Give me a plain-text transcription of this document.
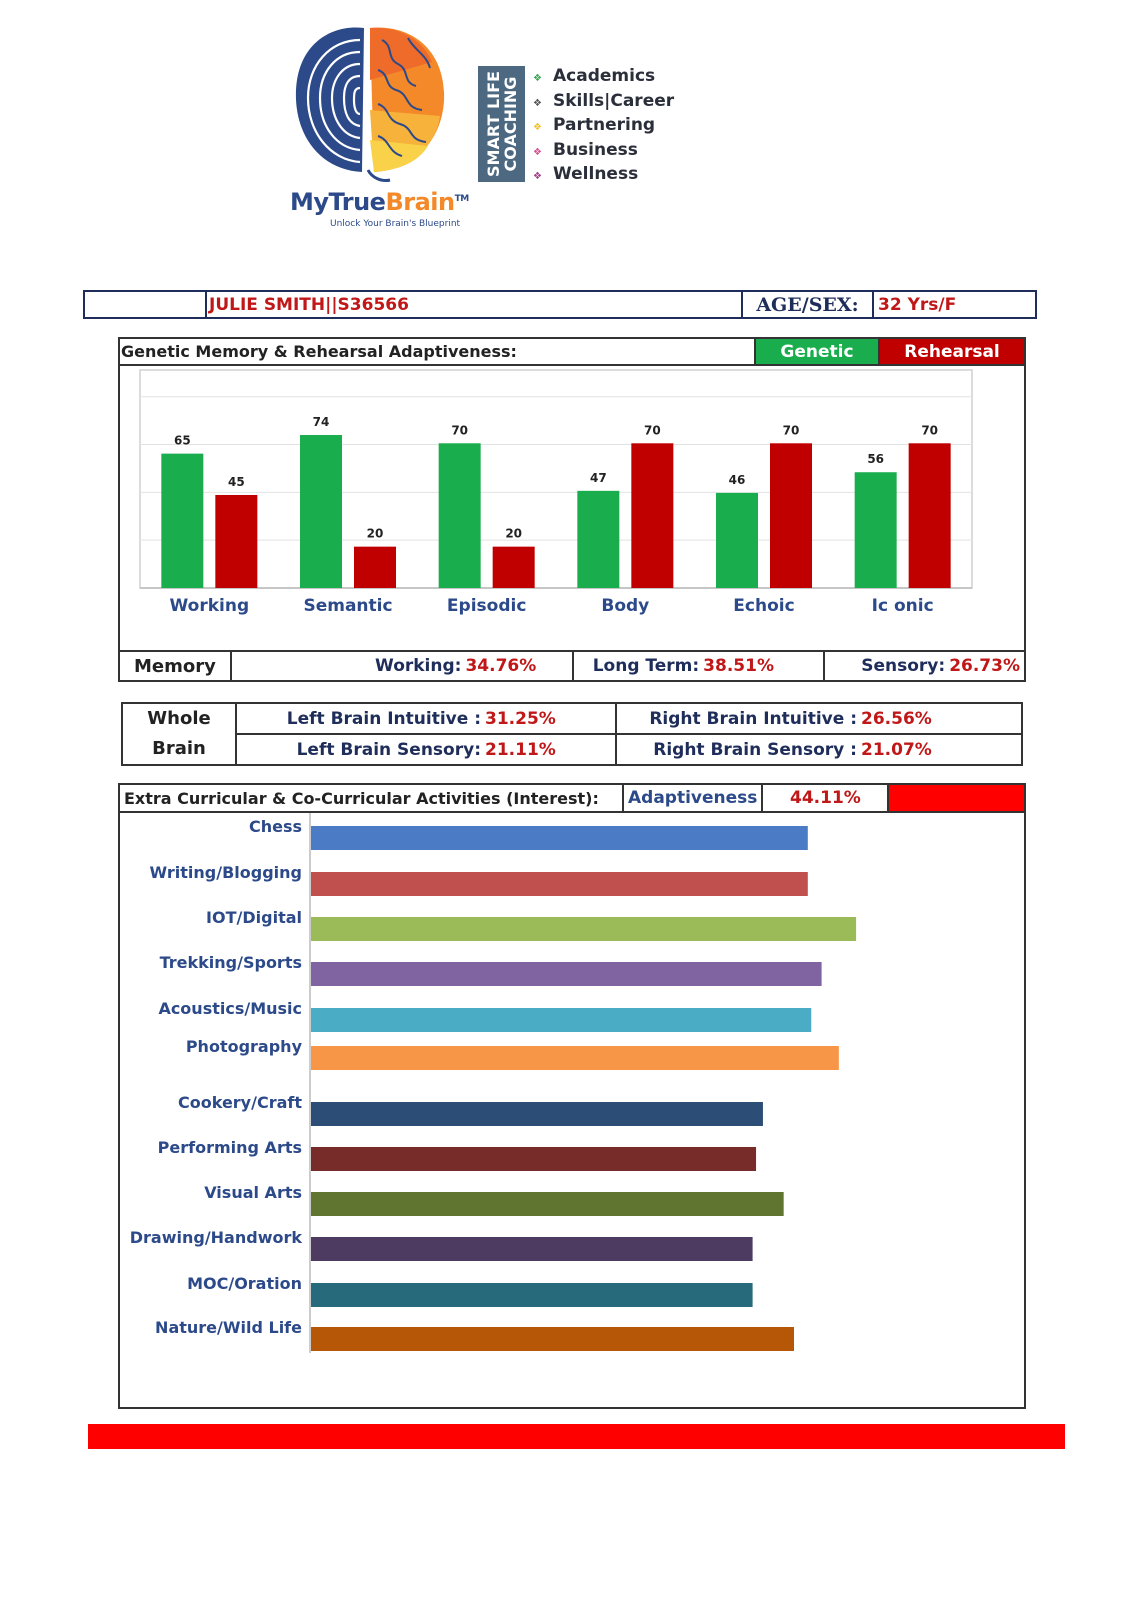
MyTrueBrain™
Unlock Your Brain's Blueprint
SMART LIFE
COACHING ❖ Academics
❖ Skills|Career
❖ Partnering
❖ Business
❖ Wellness
JULIE SMITH||S36566	AGE/SEX:	32 Yrs/F
Genetic Memory & Rehearsal Adaptiveness:	Genetic	Rehearsal
65
45
Working
74
20
Semantic
70
20
Episodic
47
70
Body
46
70
Echoic
56
70
Ic onic
Memory	Working:	34.76%	Long Term:	38.51%	Sensory:	26.73%
Whole
Brain	Left Brain Intuitive :	31.25%	Right Brain Intuitive :	26.56%
	Left Brain Sensory:	21.11%	Right Brain Sensory :	21.07%
Extra Curricular & Co-Curricular Activities (Interest):	Adaptiveness	44.11%	
Chess
Writing/Blogging
IOT/Digital
Trekking/Sports
Acoustics/Music
Photography
Cookery/Craft
Performing Arts
Visual Arts
Drawing/Handwork
MOC/Oration
Nature/Wild Life
